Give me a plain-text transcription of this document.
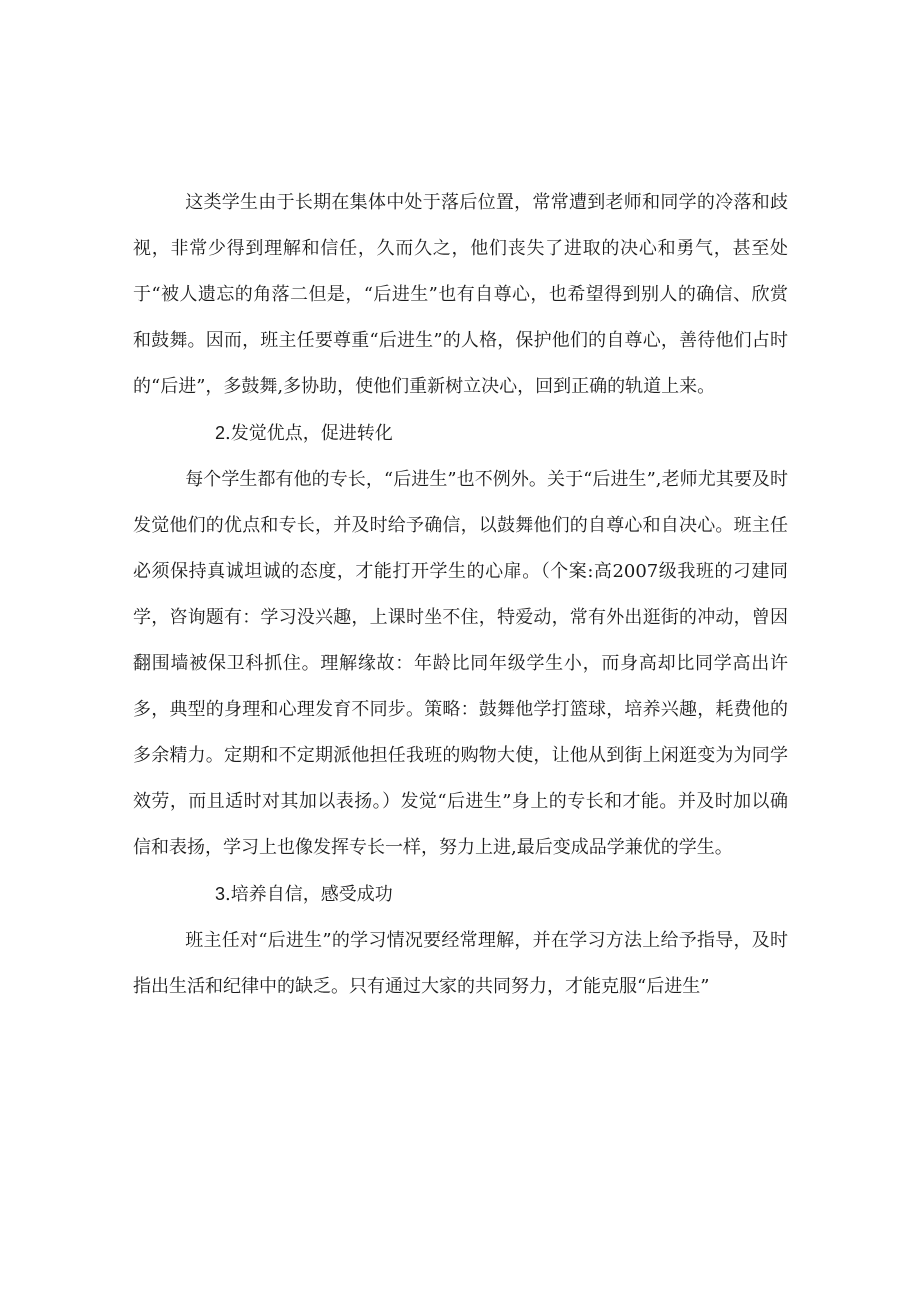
这类学生由于长期在集体中处于落后位置，常常遭到老师和同学的冷落和歧视，非常少得到理解和信任，久而久之，他们丧失了进取的决心和勇气，甚至处于“被人遗忘的角落二但是，“后进生”也有自尊心，也希望得到别人的确信、欣赏和鼓舞。因而，班主任要尊重“后进生”的人格，保护他们的自尊心，善待他们占时的“后进”，多鼓舞,多协助，使他们重新树立决心，回到正确的轨道上来。

2.发觉优点，促进转化

每个学生都有他的专长，“后进生”也不例外。关于“后进生”,老师尤其要及时发觉他们的优点和专长，并及时给予确信，以鼓舞他们的自尊心和自决心。班主任必须保持真诚坦诚的态度，才能打开学生的心扉。（个案:高2007级我班的刁建同学，咨询题有：学习没兴趣，上课时坐不住，特爱动，常有外出逛街的冲动，曾因翻围墙被保卫科抓住。理解缘故：年龄比同年级学生小，而身高却比同学高出许多，典型的身理和心理发育不同步。策略：鼓舞他学打篮球，培养兴趣，耗费他的多余精力。定期和不定期派他担任我班的购物大使，让他从到街上闲逛变为为同学效劳，而且适时对其加以表扬。）发觉“后进生”身上的专长和才能。并及时加以确信和表扬，学习上也像发挥专长一样，努力上进,最后变成品学兼优的学生。

3.培养自信，感受成功

班主任对“后进生”的学习情况要经常理解，并在学习方法上给予指导，及时指出生活和纪律中的缺乏。只有通过大家的共同努力，才能克服“后进生”
